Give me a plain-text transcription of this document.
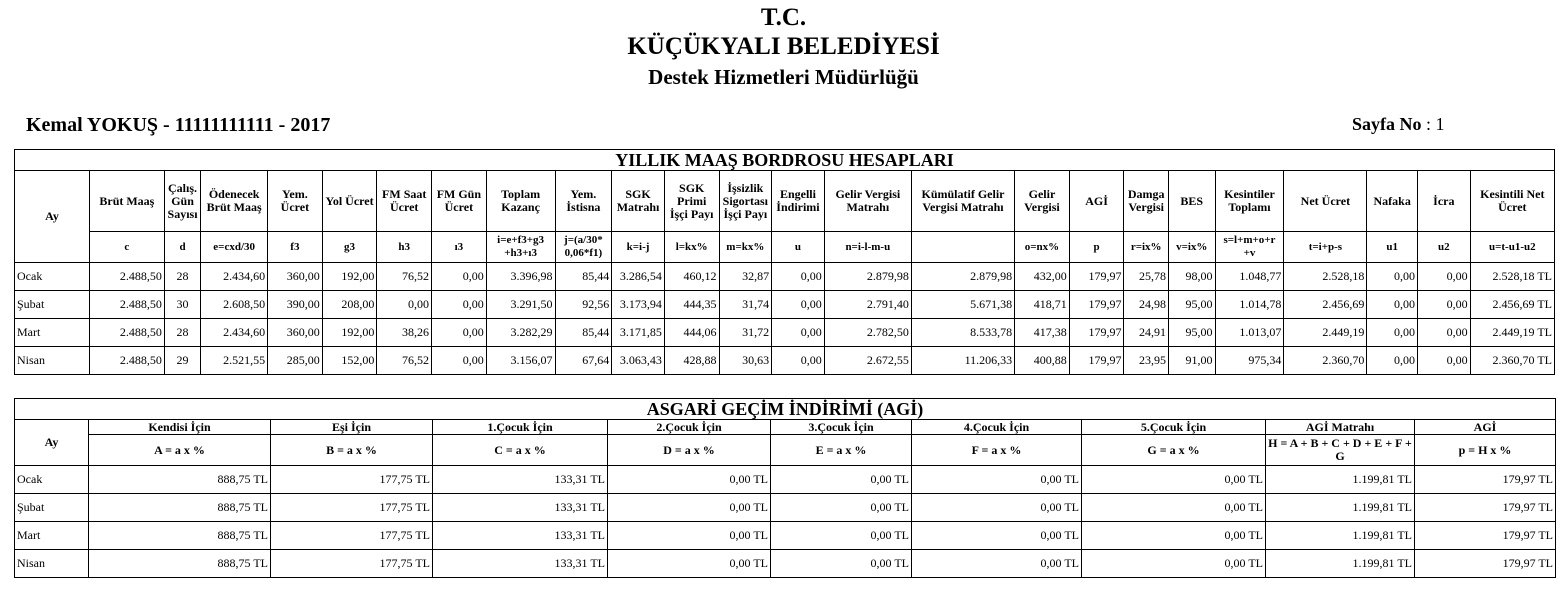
T.C.
KÜÇÜKYALI BELEDİYESİ
Destek Hizmetleri Müdürlüğü
Kemal YOKUŞ - 11111111111 - 2017	Sayfa No : 1
YILLIK MAAŞ BORDROSU HESAPLARI																								
Ay	Brüt Maaş	Çalış. Gün Sayısı	Ödenecek Brüt Maaş	Yem. Ücret	Yol Ücret	FM Saat Ücret	FM Gün Ücret	Toplam Kazanç	Yem. İstisna	SGK Matrahı	SGK Primi İşçi Payı	İşsizlik Sigortası İşçi Payı	Engelli İndirimi	Gelir Vergisi Matrahı	Kümülatif Gelir Vergisi Matrahı	Gelir Vergisi	AGİ	Damga Vergisi	BES	Kesintiler Toplamı	Net Ücret	Nafaka	İcra	Kesintili Net Ücret
	c	d	e=cxd/30	f3	g3	h3	ı3	i=e+f3+g3 +h3+ı3	j=(a/30* 0,06*f1)	k=i-j	l=kx%	m=kx%	u	n=i-l-m-u		o=nx%	p	r=ix%	v=ix%	s=l+m+o+r +v	t=i+p-s	u1	u2	u=t-u1-u2
Ocak	2.488,50	28	2.434,60	360,00	192,00	76,52	0,00	3.396,98	85,44	3.286,54	460,12	32,87	0,00	2.879,98	2.879,98	432,00	179,97	25,78	98,00	1.048,77	2.528,18	0,00	0,00	2.528,18 TL
Şubat	2.488,50	30	2.608,50	390,00	208,00	0,00	0,00	3.291,50	92,56	3.173,94	444,35	31,74	0,00	2.791,40	5.671,38	418,71	179,97	24,98	95,00	1.014,78	2.456,69	0,00	0,00	2.456,69 TL
Mart	2.488,50	28	2.434,60	360,00	192,00	38,26	0,00	3.282,29	85,44	3.171,85	444,06	31,72	0,00	2.782,50	8.533,78	417,38	179,97	24,91	95,00	1.013,07	2.449,19	0,00	0,00	2.449,19 TL
Nisan	2.488,50	29	2.521,55	285,00	152,00	76,52	0,00	3.156,07	67,64	3.063,43	428,88	30,63	0,00	2.672,55	11.206,33	400,88	179,97	23,95	91,00	975,34	2.360,70	0,00	0,00	2.360,70 TL
ASGARİ GEÇİM İNDİRİMİ (AGİ)									
Ay	Kendisi İçin	Eşi İçin	1.Çocuk İçin	2.Çocuk İçin	3.Çocuk İçin	4.Çocuk İçin	5.Çocuk İçin	AGİ Matrahı	AGİ
	A = a x %	B = a x %	C = a x %	D = a x %	E = a x %	F = a x %	G = a x %	H = A + B + C + D + E + F + G	p = H x %
Ocak	888,75 TL	177,75 TL	133,31 TL	0,00 TL	0,00 TL	0,00 TL	0,00 TL	1.199,81 TL	179,97 TL
Şubat	888,75 TL	177,75 TL	133,31 TL	0,00 TL	0,00 TL	0,00 TL	0,00 TL	1.199,81 TL	179,97 TL
Mart	888,75 TL	177,75 TL	133,31 TL	0,00 TL	0,00 TL	0,00 TL	0,00 TL	1.199,81 TL	179,97 TL
Nisan	888,75 TL	177,75 TL	133,31 TL	0,00 TL	0,00 TL	0,00 TL	0,00 TL	1.199,81 TL	179,97 TL
